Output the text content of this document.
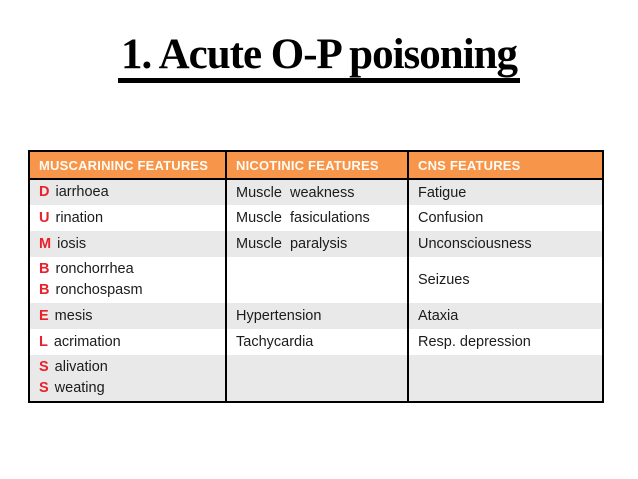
1. Acute O-P poisoning
MUSCARININC FEATURES	NICOTINIC FEATURES	CNS FEATURES

D iarrhoea	Muscle  weakness	Fatigue

U rination	Muscle  fasiculations	Confusion

M iosis	Muscle  paralysis	Unconsciousness

B ronchorrhea
B ronchospasm		Seizues

E mesis	Hypertension	Ataxia

L acrimation	Tachycardia	Resp. depression

S alivation
S weating		
